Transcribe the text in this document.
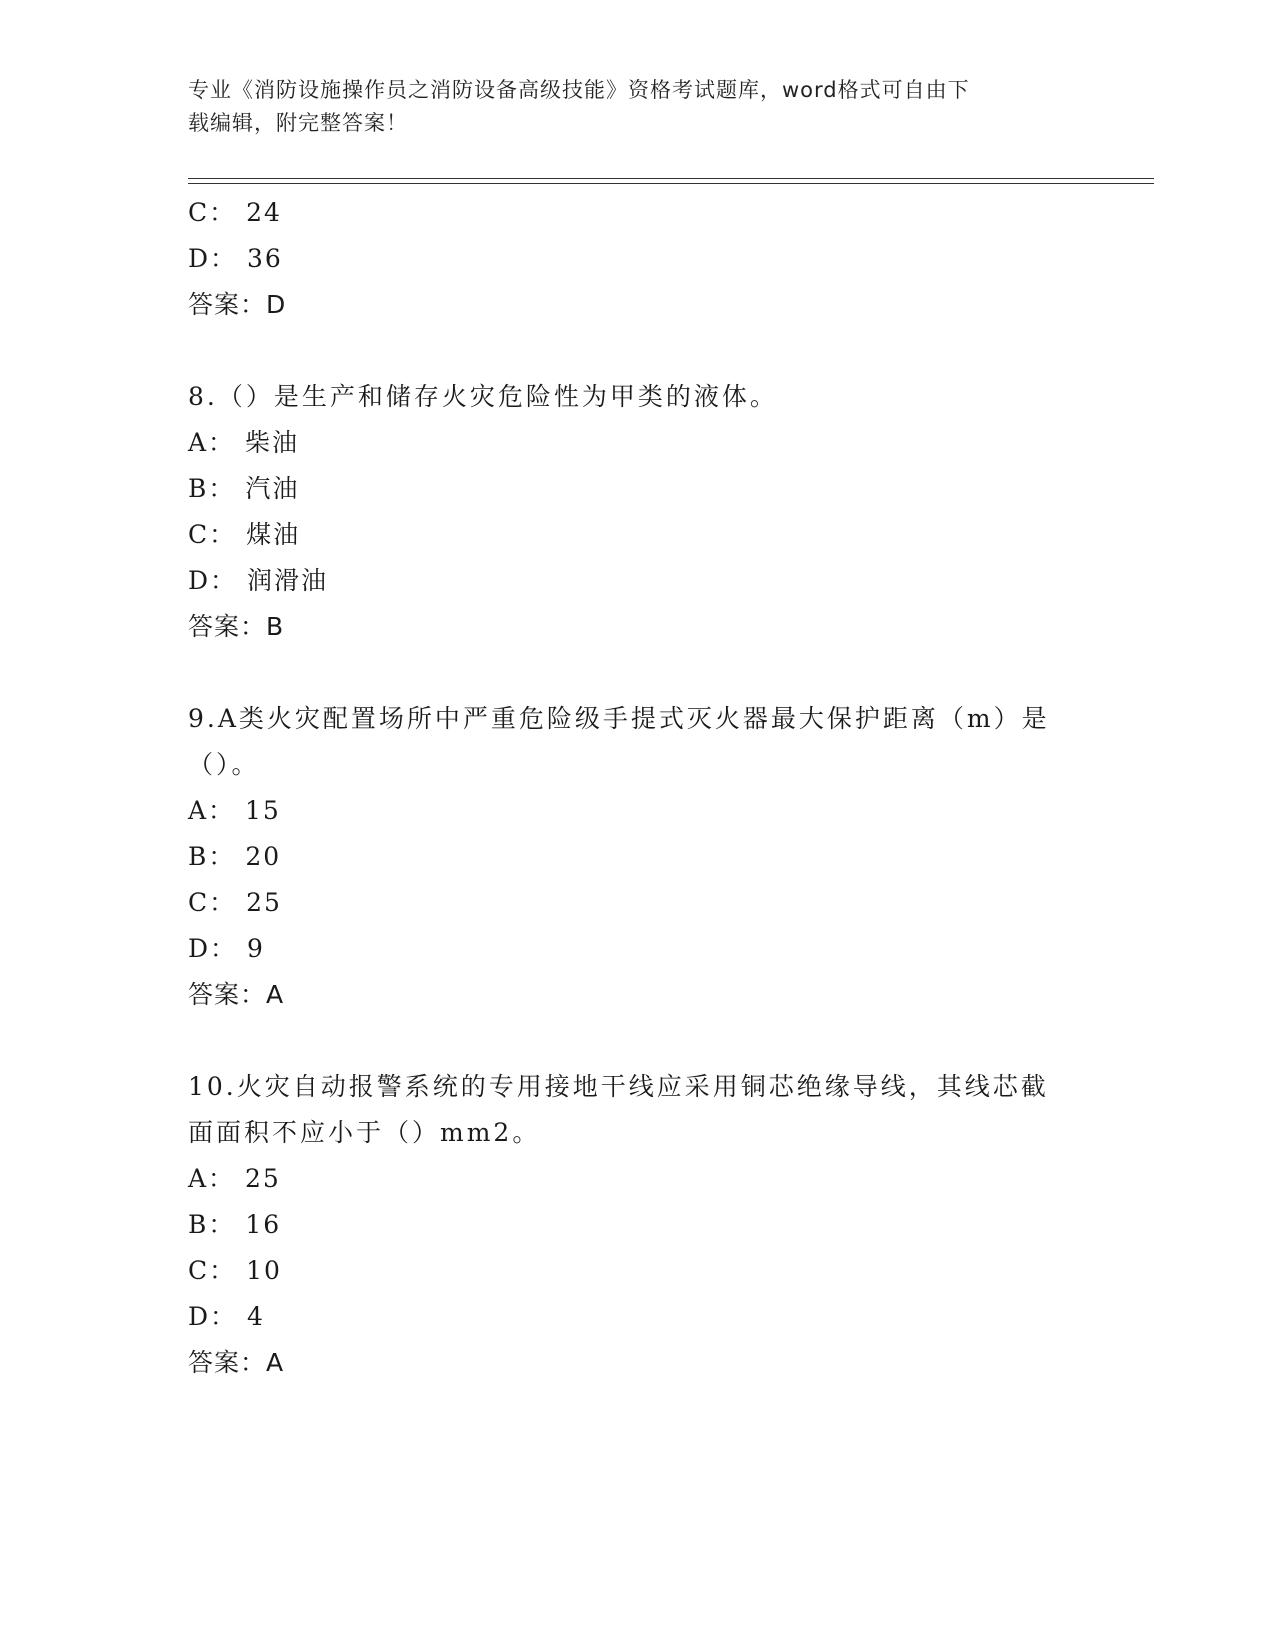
专业《消防设施操作员之消防设备高级技能》资格考试题库，word格式可自由下
载编辑，附完整答案！
C： 24
D： 36
答案：D
8.（）是生产和储存火灾危险性为甲类的液体。
A： 柴油
B： 汽油
C： 煤油
D： 润滑油
答案：B
9.A类火灾配置场所中严重危险级手提式灭火器最大保护距离（m）是
（）。
A： 15
B： 20
C： 25
D： 9
答案：A
10.火灾自动报警系统的专用接地干线应采用铜芯绝缘导线，其线芯截
面面积不应小于（）mm2。
A： 25
B： 16
C： 10
D： 4
答案：A
